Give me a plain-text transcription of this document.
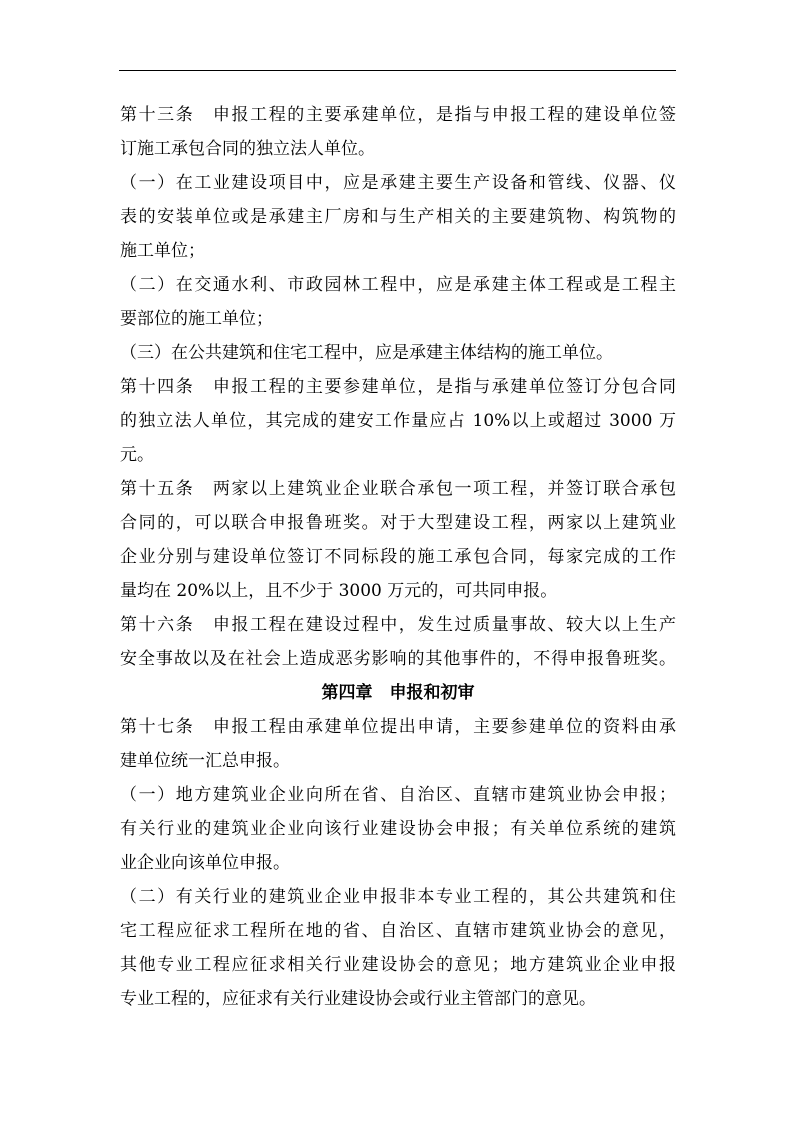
第十三条　申报工程的主要承建单位，是指与申报工程的建设单位签
订施工承包合同的独立法人单位。
（一）在工业建设项目中，应是承建主要生产设备和管线、仪器、仪
表的安装单位或是承建主厂房和与生产相关的主要建筑物、构筑物的
施工单位；
（二）在交通水利、市政园林工程中，应是承建主体工程或是工程主
要部位的施工单位；
（三）在公共建筑和住宅工程中，应是承建主体结构的施工单位。
第十四条　申报工程的主要参建单位，是指与承建单位签订分包合同
的独立法人单位，其完成的建安工作量应占 10%以上或超过 3000 万
元。
第十五条　两家以上建筑业企业联合承包一项工程，并签订联合承包
合同的，可以联合申报鲁班奖。对于大型建设工程，两家以上建筑业
企业分别与建设单位签订不同标段的施工承包合同，每家完成的工作
量均在 20%以上，且不少于 3000 万元的，可共同申报。
第十六条　申报工程在建设过程中，发生过质量事故、较大以上生产
安全事故以及在社会上造成恶劣影响的其他事件的，不得申报鲁班奖。
第四章　申报和初审
第十七条　申报工程由承建单位提出申请，主要参建单位的资料由承
建单位统一汇总申报。
（一）地方建筑业企业向所在省、自治区、直辖市建筑业协会申报；
有关行业的建筑业企业向该行业建设协会申报；有关单位系统的建筑
业企业向该单位申报。
（二）有关行业的建筑业企业申报非本专业工程的，其公共建筑和住
宅工程应征求工程所在地的省、自治区、直辖市建筑业协会的意见，
其他专业工程应征求相关行业建设协会的意见；地方建筑业企业申报
专业工程的，应征求有关行业建设协会或行业主管部门的意见。
